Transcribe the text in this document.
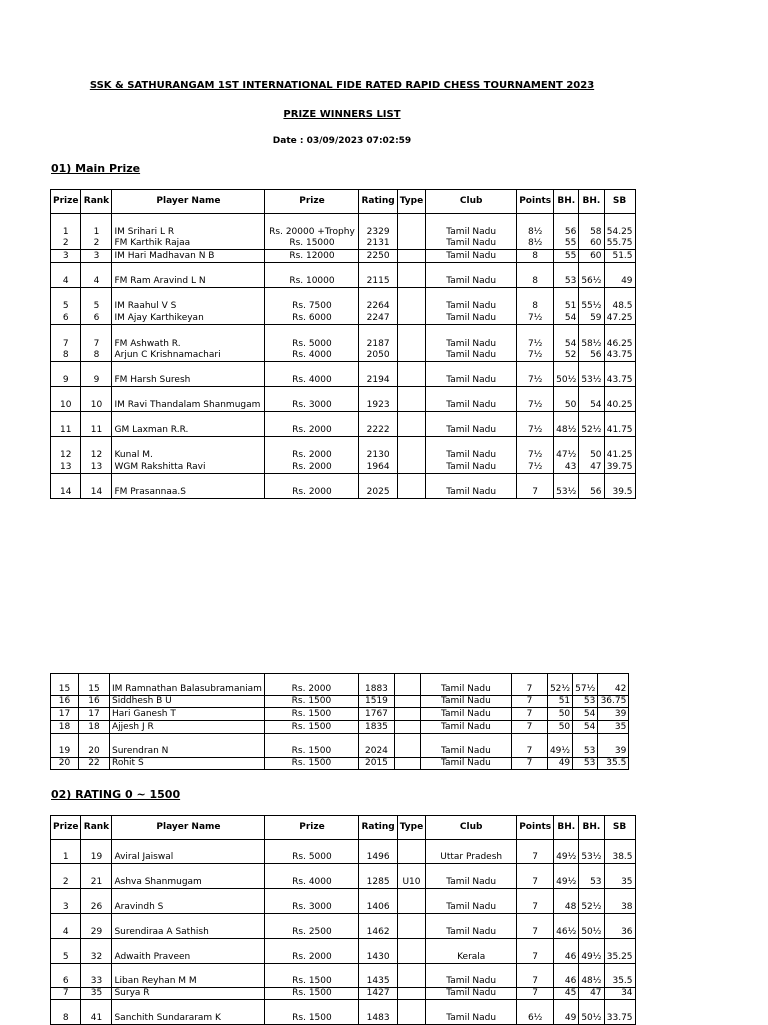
SSK & SATHURANGAM 1ST INTERNATIONAL FIDE RATED RAPID CHESS TOURNAMENT 2023
PRIZE WINNERS LIST
Date : 03/09/2023 07:02:59
01) Main Prize
Prize	Rank	Player Name	Prize	Rating	Type	Club	Points	BH.	BH.	SB
1	1	IM Srihari L R	Rs. 20000 +Trophy	2329		Tamil Nadu	8½	56	58	54.25
2	2	FM Karthik Rajaa	Rs. 15000	2131		Tamil Nadu	8½	55	60	55.75
3	3	IM Hari Madhavan N B	Rs. 12000	2250		Tamil Nadu	8	55	60	51.5
4	4	FM Ram Aravind L N	Rs. 10000	2115		Tamil Nadu	8	53	56½	49
5	5	IM Raahul V S	Rs. 7500	2264		Tamil Nadu	8	51	55½	48.5
6	6	IM Ajay Karthikeyan	Rs. 6000	2247		Tamil Nadu	7½	54	59	47.25
7	7	FM Ashwath R.	Rs. 5000	2187		Tamil Nadu	7½	54	58½	46.25
8	8	Arjun C Krishnamachari	Rs. 4000	2050		Tamil Nadu	7½	52	56	43.75
9	9	FM Harsh Suresh	Rs. 4000	2194		Tamil Nadu	7½	50½	53½	43.75
10	10	IM Ravi Thandalam Shanmugam	Rs. 3000	1923		Tamil Nadu	7½	50	54	40.25
11	11	GM Laxman R.R.	Rs. 2000	2222		Tamil Nadu	7½	48½	52½	41.75
12	12	Kunal M.	Rs. 2000	2130		Tamil Nadu	7½	47½	50	41.25
13	13	WGM Rakshitta Ravi	Rs. 2000	1964		Tamil Nadu	7½	43	47	39.75
14	14	FM Prasannaa.S	Rs. 2000	2025		Tamil Nadu	7	53½	56	39.5
15	15	IM Ramnathan Balasubramaniam	Rs. 2000	1883		Tamil Nadu	7	52½	57½	42
16	16	Siddhesh B U	Rs. 1500	1519		Tamil Nadu	7	51	53	36.75
17	17	Hari Ganesh T	Rs. 1500	1767		Tamil Nadu	7	50	54	39
18	18	Ajjesh J R	Rs. 1500	1835		Tamil Nadu	7	50	54	35
19	20	Surendran N	Rs. 1500	2024		Tamil Nadu	7	49½	53	39
20	22	Rohit S	Rs. 1500	2015		Tamil Nadu	7	49	53	35.5
02) RATING 0 ~ 1500
Prize	Rank	Player Name	Prize	Rating	Type	Club	Points	BH.	BH.	SB
1	19	Aviral Jaiswal	Rs. 5000	1496		Uttar Pradesh	7	49½	53½	38.5
2	21	Ashva Shanmugam	Rs. 4000	1285	U10	Tamil Nadu	7	49½	53	35
3	26	Aravindh S	Rs. 3000	1406		Tamil Nadu	7	48	52½	38
4	29	Surendiraa A Sathish	Rs. 2500	1462		Tamil Nadu	7	46½	50½	36
5	32	Adwaith Praveen	Rs. 2000	1430		Kerala	7	46	49½	35.25
6	33	Liban Reyhan M M	Rs. 1500	1435		Tamil Nadu	7	46	48½	35.5
7	35	Surya R	Rs. 1500	1427		Tamil Nadu	7	45	47	34
8	41	Sanchith Sundararam K	Rs. 1500	1483		Tamil Nadu	6½	49	50½	33.75
